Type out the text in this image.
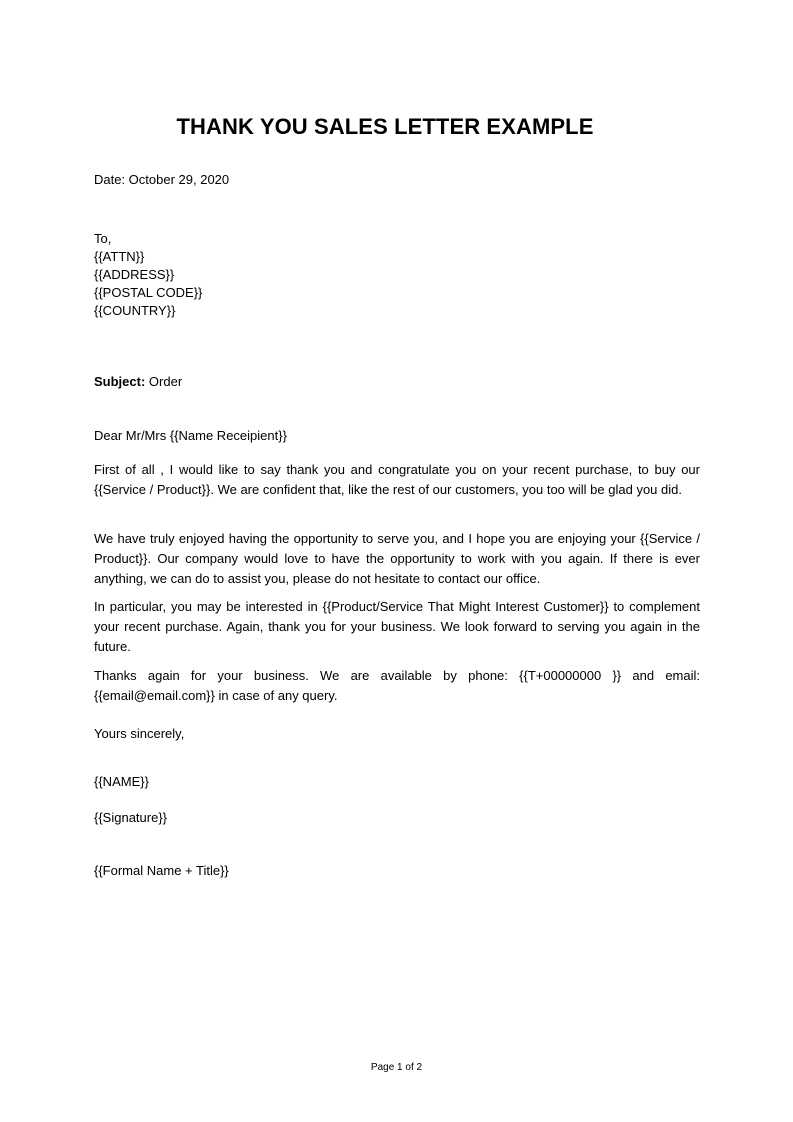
THANK YOU SALES LETTER EXAMPLE
Date: October 29, 2020
To,
{{ATTN}}
{{ADDRESS}}
{{POSTAL CODE}}
{{COUNTRY}}
Subject: Order
Dear Mr/Mrs {{Name Receipient}}
First of all , I would like to say thank you and congratulate you on your recent purchase, to buy our {{Service / Product}}. We are confident that, like the rest of our customers, you too will be glad you did.
We have truly enjoyed having the opportunity to serve you, and I hope you are enjoying your {{Service / Product}}. Our company would love to have the opportunity to work with you again. If there is ever anything, we can do to assist you, please do not hesitate to contact our office.
In particular, you may be interested in {{Product/Service That Might Interest Customer}} to complement your recent purchase. Again, thank you for your business. We look forward to serving you again in the future.
Thanks again for your business. We are available by phone: {{T+00000000 }} and email: {{email@email.com}} in case of any query.
Yours sincerely,
{{NAME}}
{{Signature}}
{{Formal Name + Title}}
Page 1 of 2
